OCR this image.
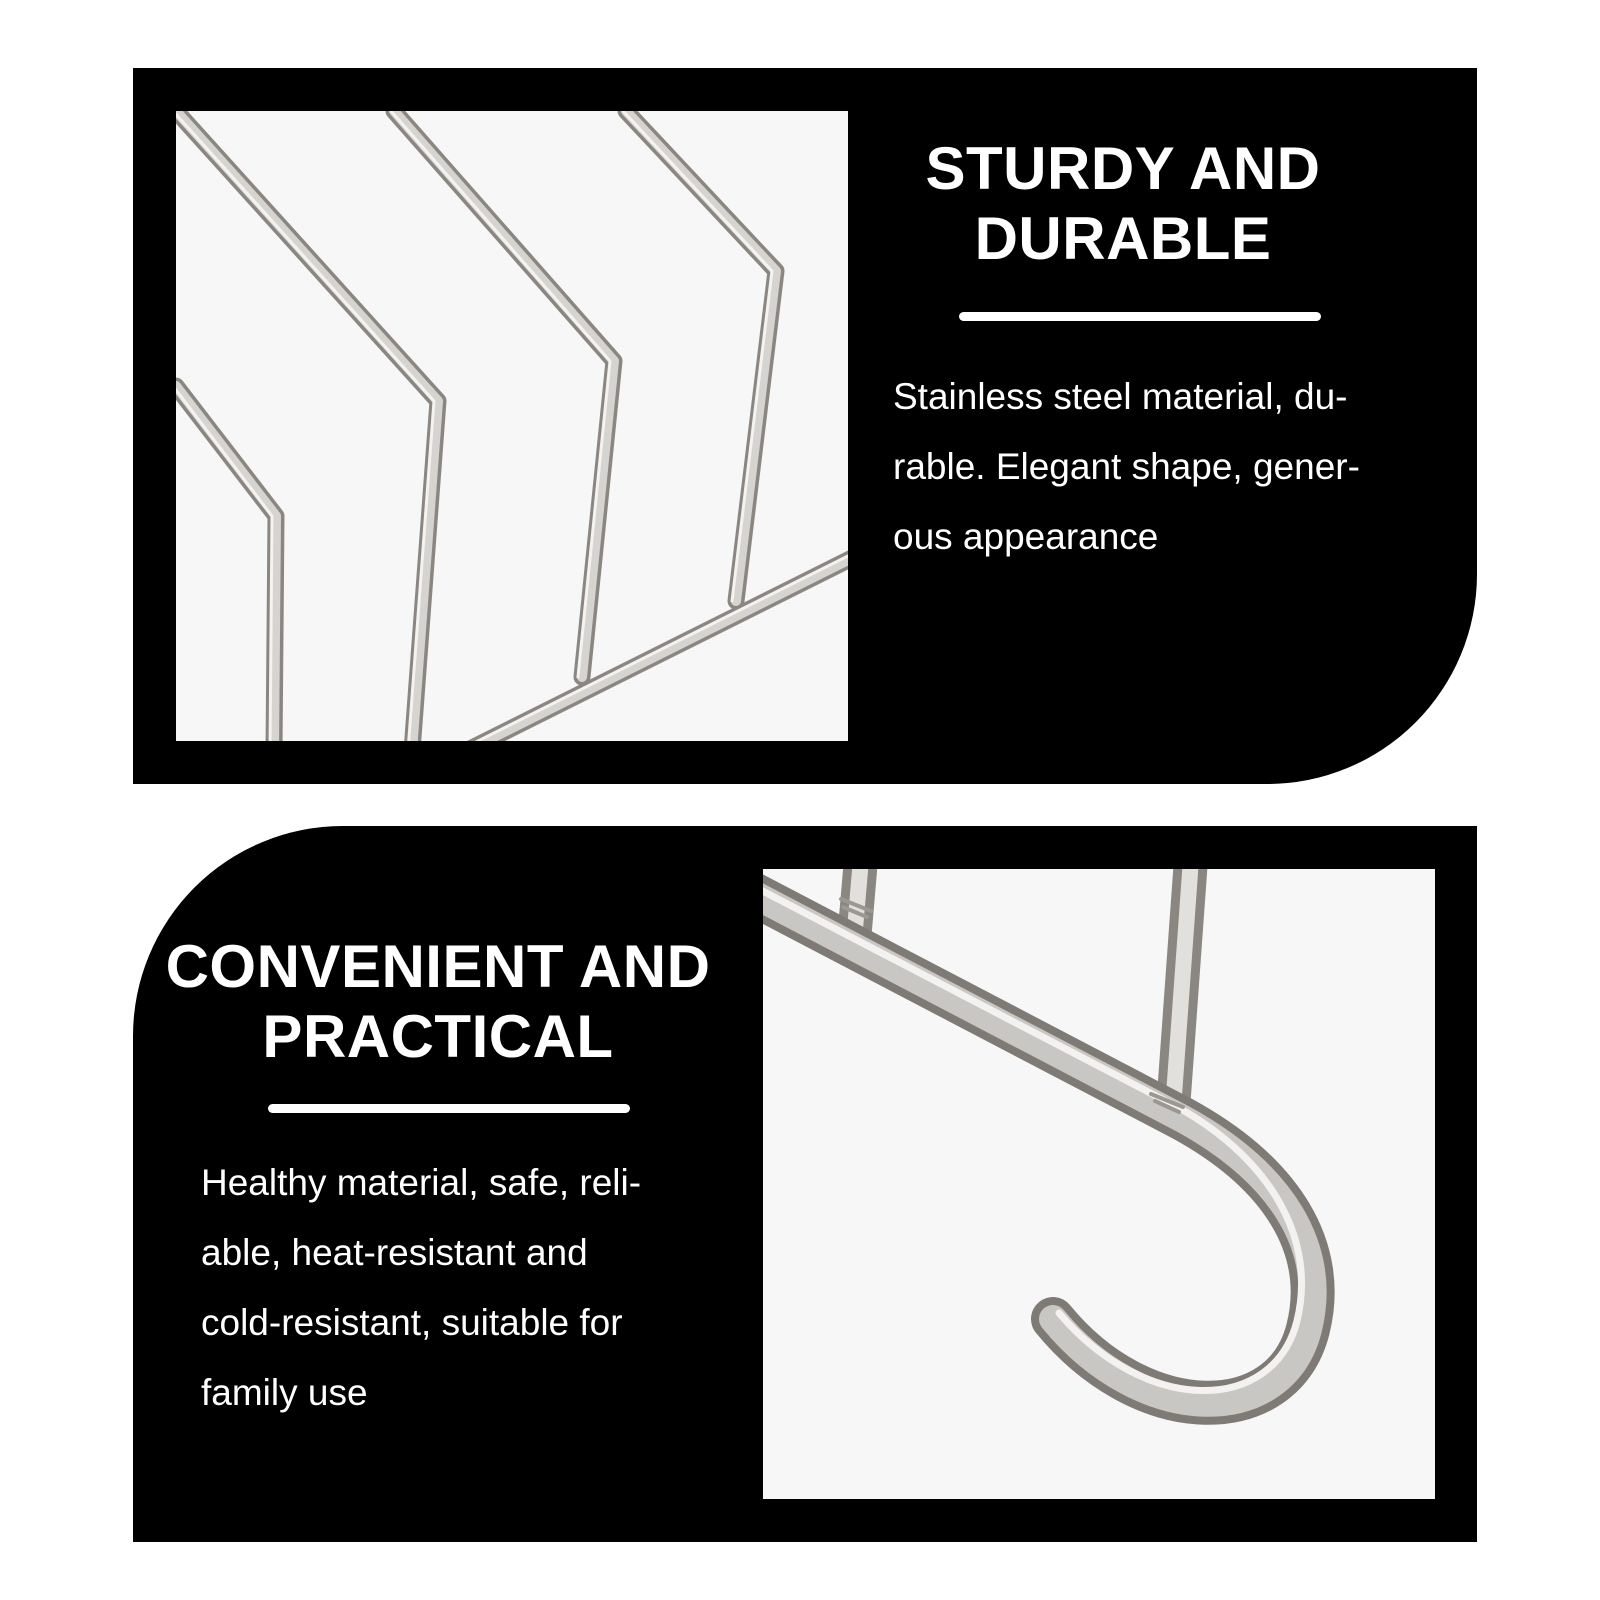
STURDY AND
DURABLE

Stainless steel material, du-
rable. Elegant shape, gener-
ous appearance

CONVENIENT AND
PRACTICAL

Healthy material, safe, reli-
able, heat-resistant and
cold-resistant, suitable for
family use
